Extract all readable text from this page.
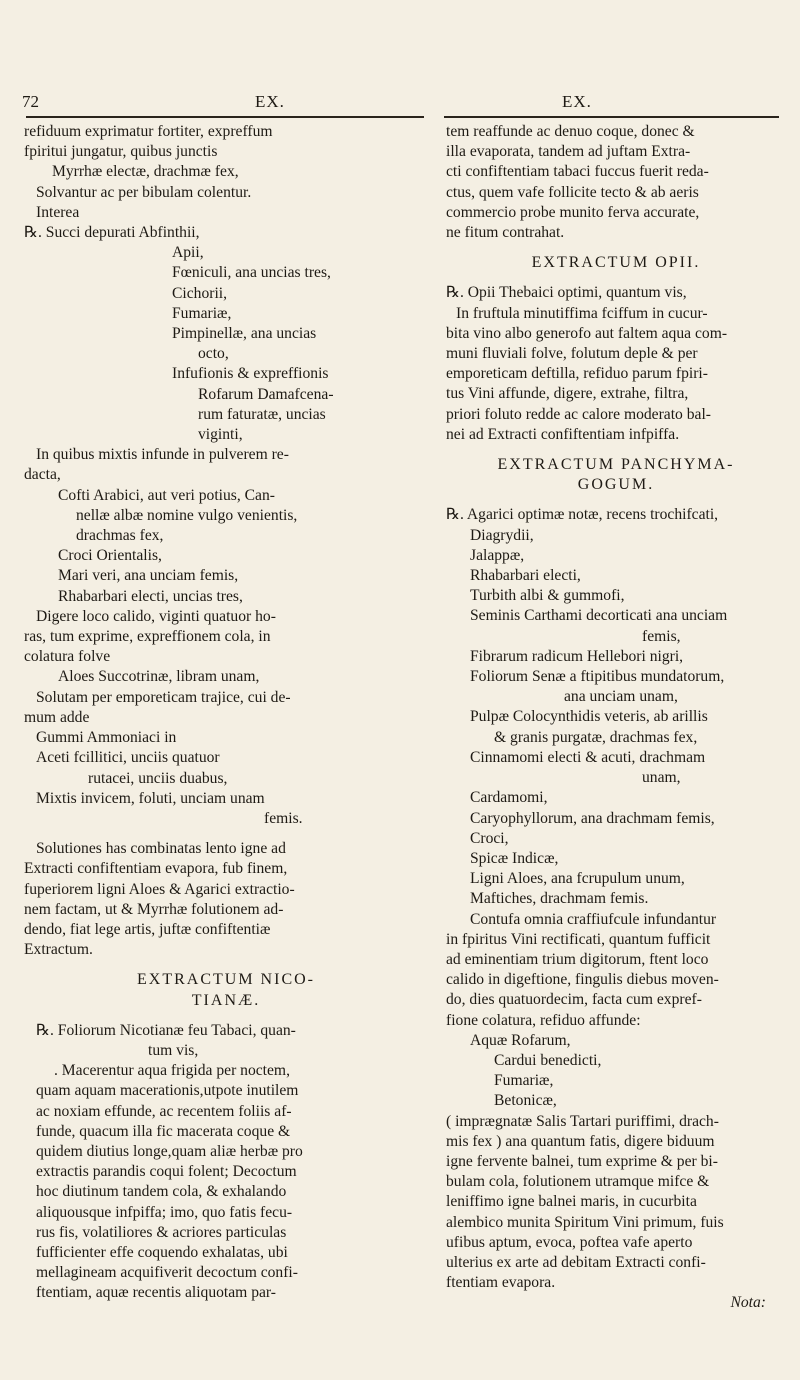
72	EX.	EX.
refiduum exprimatur fortiter, expreffum
fpiritui jungatur, quibus junctis
Myrrhæ electæ, drachmæ fex,
Solvantur ac per bibulam colentur.
Interea
℞. Succi depurati Abfinthii,
Apii,
Fœniculi, ana uncias tres,
Cichorii,
Fumariæ,
Pimpinellæ, ana uncias
octo,
Infufionis & expreffionis
Rofarum Damafcena-
rum faturatæ, uncias
viginti,
In quibus mixtis infunde in pulverem re-
dacta,
Cofti Arabici, aut veri potius, Can-
nellæ albæ nomine vulgo venientis,
drachmas fex,
Croci Orientalis,
Mari veri, ana unciam femis,
Rhabarbari electi, uncias tres,
Digere loco calido, viginti quatuor ho-
ras, tum exprime, expreffionem cola, in
colatura folve
Aloes Succotrinæ, libram unam,
Solutam per emporeticam trajice, cui de-
mum adde
Gummi Ammoniaci in
Aceti fcillitici, unciis quatuor
rutacei, unciis duabus,
Mixtis invicem, foluti, unciam unam
femis.
Solutiones has combinatas lento igne ad
Extracti confiftentiam evapora, fub finem,
fuperiorem ligni Aloes & Agarici extractio-
nem factam, ut & Myrrhæ folutionem ad-
dendo, fiat lege artis, juftæ confiftentiæ
Extractum.
EXTRACTUM NICO-
TIANÆ.
℞. Foliorum Nicotianæ feu Tabaci, quan-
tum vis,
. Macerentur aqua frigida per noctem,
quam aquam macerationis,utpote inutilem
ac noxiam effunde, ac recentem foliis af-
funde, quacum illa fic macerata coque &
quidem diutius longe,quam aliæ herbæ pro
extractis parandis coqui folent; Decoctum
hoc diutinum tandem cola, & exhalando
aliquousque infpiffa; imo, quo fatis fecu-
rus fis, volatiliores & acriores particulas
fufficienter effe coquendo exhalatas, ubi
mellagineam acquifiverit decoctum confi-
ftentiam, aquæ recentis aliquotam par-
tem reaffunde ac denuo coque, donec &
illa evaporata, tandem ad juftam Extra-
cti confiftentiam tabaci fuccus fuerit reda-
ctus, quem vafe follicite tecto & ab aeris
commercio probe munito ferva accurate,
ne fitum contrahat.
EXTRACTUM OPII.
℞. Opii Thebaici optimi, quantum vis,
In fruftula minutiffima fciffum in cucur-
bita vino albo generofo aut faltem aqua com-
muni fluviali folve, folutum deple & per
emporeticam deftilla, refiduo parum fpiri-
tus Vini affunde, digere, extrahe, filtra,
priori foluto redde ac calore moderato bal-
nei ad Extracti confiftentiam infpiffa.
EXTRACTUM PANCHYMA-
GOGUM.
℞. Agarici optimæ notæ, recens trochifcati,
Diagrydii,
Jalappæ,
Rhabarbari electi,
Turbith albi & gummofi,
Seminis Carthami decorticati ana unciam
femis,
Fibrarum radicum Hellebori nigri,
Foliorum Senæ a ftipitibus mundatorum,
ana unciam unam,
Pulpæ Colocynthidis veteris, ab arillis
& granis purgatæ, drachmas fex,
Cinnamomi electi & acuti, drachmam
unam,
Cardamomi,
Caryophyllorum, ana drachmam femis,
Croci,
Spicæ Indicæ,
Ligni Aloes, ana fcrupulum unum,
Maftiches, drachmam femis.
Contufa omnia craffiufcule infundantur
in fpiritus Vini rectificati, quantum fufficit
ad eminentiam trium digitorum, ftent loco
calido in digeftione, fingulis diebus moven-
do, dies quatuordecim, facta cum expref-
fione colatura, refiduo affunde:
Aquæ Rofarum,
Cardui benedicti,
Fumariæ,
Betonicæ,
( imprægnatæ Salis Tartari puriffimi, drach-
mis fex ) ana quantum fatis, digere biduum
igne fervente balnei, tum exprime & per bi-
bulam cola, folutionem utramque mifce &
leniffimo igne balnei maris, in cucurbita
alembico munita Spiritum Vini primum, fuis
ufibus aptum, evoca, poftea vafe aperto
ulterius ex arte ad debitam Extracti confi-
ftentiam evapora.
Nota:
